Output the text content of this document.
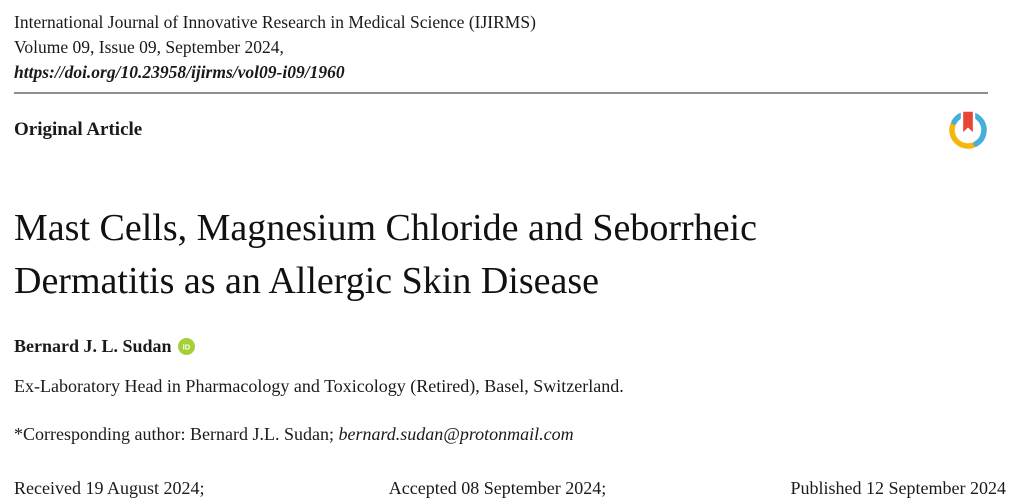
International Journal of Innovative Research in Medical Science (IJIRMS)
Volume 09, Issue 09, September 2024,
https://doi.org/10.23958/ijirms/vol09-i09/1960
Original Article
Mast Cells, Magnesium Chloride and Seborrheic Dermatitis as an Allergic Skin Disease
Bernard J. L. Sudan iD
Ex-Laboratory Head in Pharmacology and Toxicology (Retired), Basel, Switzerland.
*Corresponding author: Bernard J.L. Sudan; bernard.sudan@protonmail.com
Received 19 August 2024;	Accepted 08 September 2024;	Published 12 September 2024
